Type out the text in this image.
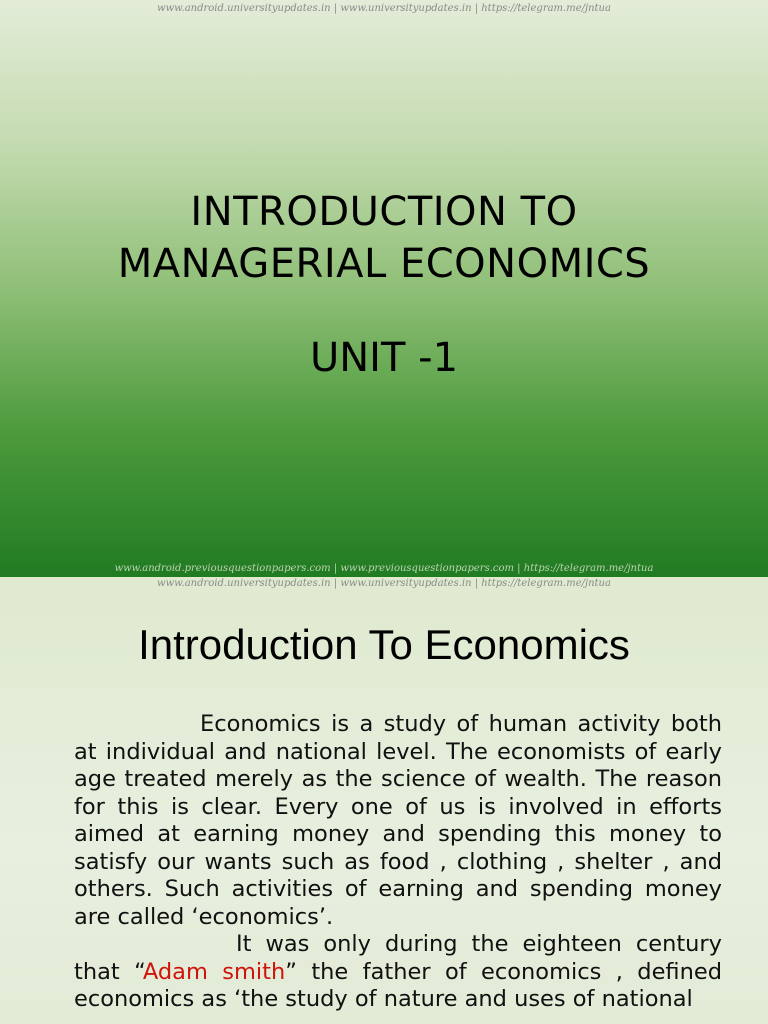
www.android.universityupdates.in | www.universityupdates.in | https://telegram.me/jntua
INTRODUCTION TO
MANAGERIAL ECONOMICS
UNIT -1
www.android.previousquestionpapers.com | www.previousquestionpapers.com | https://telegram.me/jntua
www.android.universityupdates.in | www.universityupdates.in | https://telegram.me/jntua
Introduction To Economics

Economics is a study of human activity both at individual and national level. The economists of early age treated merely as the science of wealth. The reason for this is clear. Every one of us is involved in efforts aimed at earning money and spending this money to satisfy our wants such as food , clothing , shelter , and others. Such activities of earning and spending money are called ‘economics’.

It was only during the eighteen century that “Adam smith” the father of economics , defined economics as ‘the study of nature and uses of national
